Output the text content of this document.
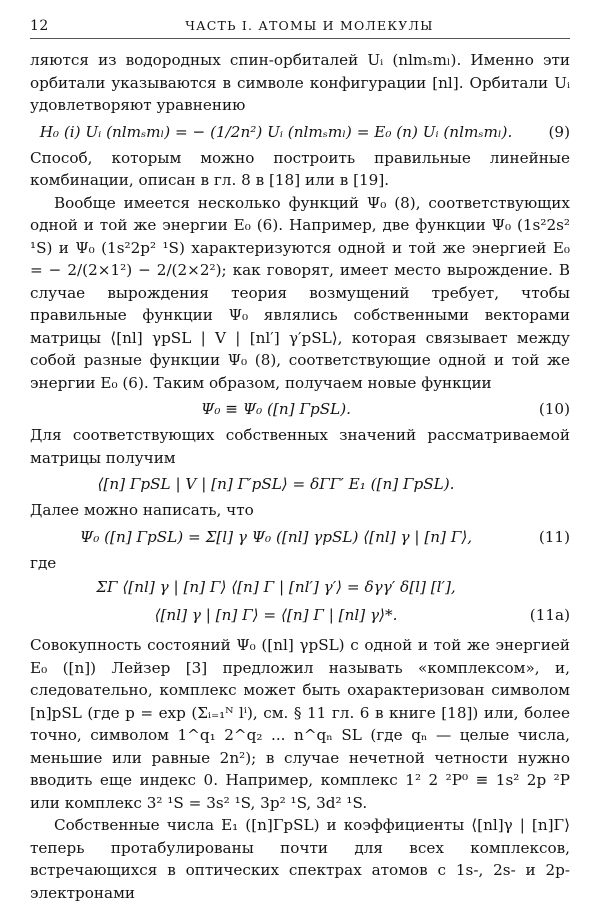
12	ЧАСТЬ I. АТОМЫ И МОЛЕКУЛЫ

ляются из водородных спин-орбиталей Uᵢ (nlmₛmₗ). Именно эти орбитали указываются в символе конфигурации [nl]. Орбитали Uᵢ удовлетворяют уравнению

H₀ (i) Uᵢ (nlmₛmₗ) = − (1/2n²) Uᵢ (nlmₛmₗ) = E₀ (n) Uᵢ (nlmₛmₗ).	(9)

Способ, которым можно построить правильные линейные комбинации, описан в гл. 8 в [18] или в [19].

Вообще имеется несколько функций Ψ₀ (8), соответствующих одной и той же энергии E₀ (6). Например, две функции Ψ₀ (1s²2s² ¹S) и Ψ₀ (1s²2p² ¹S) характеризуются одной и той же энергией E₀ = − 2/(2×1²) − 2/(2×2²); как говорят, имеет место вырождение. В случае вырождения теория возмущений требует, чтобы правильные функции Ψ₀ являлись собственными векторами матрицы ⟨[nl] γpSL | V | [nl′] γ′pSL⟩, которая связывает между собой разные функции Ψ₀ (8), соответствующие одной и той же энергии E₀ (6). Таким образом, получаем новые функции

Ψ₀ ≡ Ψ₀ ([n] ΓpSL).	(10)

Для соответствующих собственных значений рассматриваемой матрицы получим

⟨[n] ΓpSL | V | [n] Γ′pSL⟩ = δΓΓ′ E₁ ([n] ΓpSL).

Далее можно написать, что

Ψ₀ ([n] ΓpSL) = Σ[l] γ Ψ₀ ([nl] γpSL) ⟨[nl] γ | [n] Γ⟩,	(11)

где

ΣΓ ⟨[nl] γ | [n] Γ⟩ ⟨[n] Γ | [nl′] γ′⟩ = δγγ′ δ[l] [l′],
⟨[nl] γ | [n] Γ⟩ = ⟨[n] Γ | [nl] γ⟩*.	(11a)

Совокупность состояний Ψ₀ ([nl] γpSL) с одной и той же энергией E₀ ([n]) Лейзер [3] предложил называть «комплексом», и, следовательно, комплекс может быть охарактеризован символом [n]pSL (где p = exp (Σᵢ₌₁ᴺ lⁱ), см. § 11 гл. 6 в книге [18]) или, более точно, символом 1^q₁ 2^q₂ ... n^qₙ SL (где qₙ — целые числа, меньшие или равные 2n²); в случае нечетной четности нужно вводить еще индекс 0. Например, комплекс 1² 2 ²P⁰ ≡ 1s² 2p ²P или комплекс 3² ¹S = 3s² ¹S, 3p² ¹S, 3d² ¹S.

Собственные числа E₁ ([n]ΓpSL) и коэффициенты ⟨[nl]γ | [n]Γ⟩ теперь протабулированы почти для всех комплексов, встречающихся в оптических спектрах атомов с 1s-, 2s- и 2p-электронами
